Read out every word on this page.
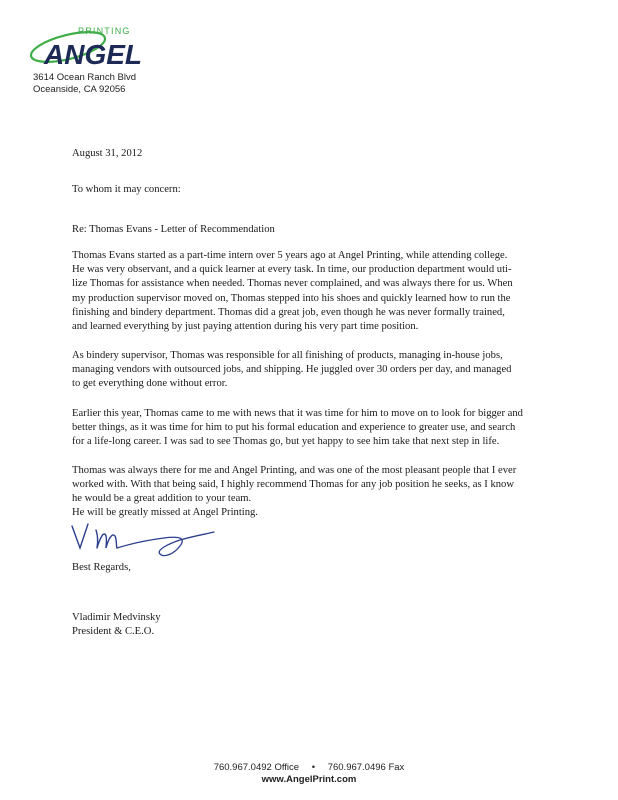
PRINTING
ANGEL
3614 Ocean Ranch Blvd
Oceanside, CA 92056

August 31, 2012

To whom it may concern:

Re: Thomas Evans - Letter of Recommendation

Thomas Evans started as a part-time intern over 5 years ago at Angel Printing, while attending college.

He was very observant, and a quick learner at every task. In time, our production department would uti-

lize Thomas for assistance when needed. Thomas never complained, and was always there for us. When

my production supervisor moved on, Thomas stepped into his shoes and quickly learned how to run the

finishing and bindery department. Thomas did a great job, even though he was never formally trained,

and learned everything by just paying attention during his very part time position.

As bindery supervisor, Thomas was responsible for all finishing of products, managing in-house jobs,

managing vendors with outsourced jobs, and shipping. He juggled over 30 orders per day, and managed

to get everything done without error.

Earlier this year, Thomas came to me with news that it was time for him to move on to look for bigger and

better things, as it was time for him to put his formal education and experience to greater use, and search

for a life-long career. I was sad to see Thomas go, but yet happy to see him take that next step in life.

Thomas was always there for me and Angel Printing, and was one of the most pleasant people that I ever

worked with. With that being said, I highly recommend Thomas for any job position he seeks, as I know

he would be a great addition to your team.

He will be greatly missed at Angel Printing.

Best Regards,

Vladimir Medvinsky

President & C.E.O.

760.967.0492 Office • 760.967.0496 Fax
www.AngelPrint.com
